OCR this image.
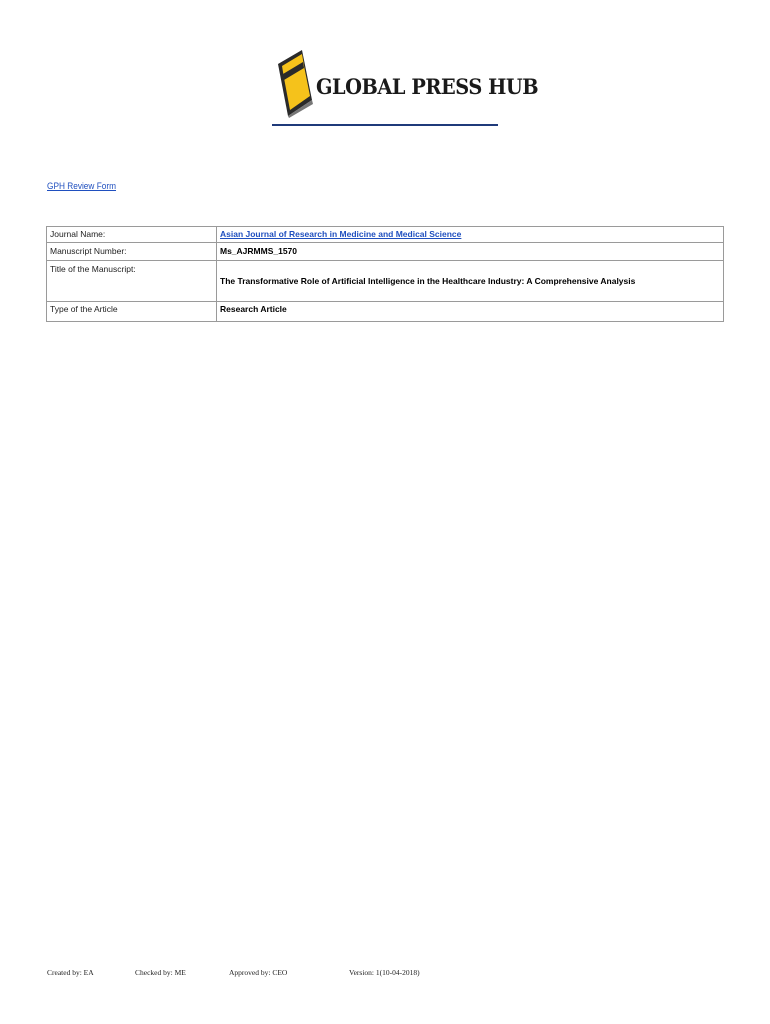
GLOBAL PRESS HUB
GPH Review Form
Journal Name:	Asian Journal of Research in Medicine and Medical Science
Manuscript Number:	Ms_AJRMMS_1570
Title of the Manuscript:	The Transformative Role of Artificial Intelligence in the Healthcare Industry: A Comprehensive Analysis
Type of the Article	Research Article
Created by: EA	Checked by: ME	Approved by: CEO	Version: 1(10-04-2018)
